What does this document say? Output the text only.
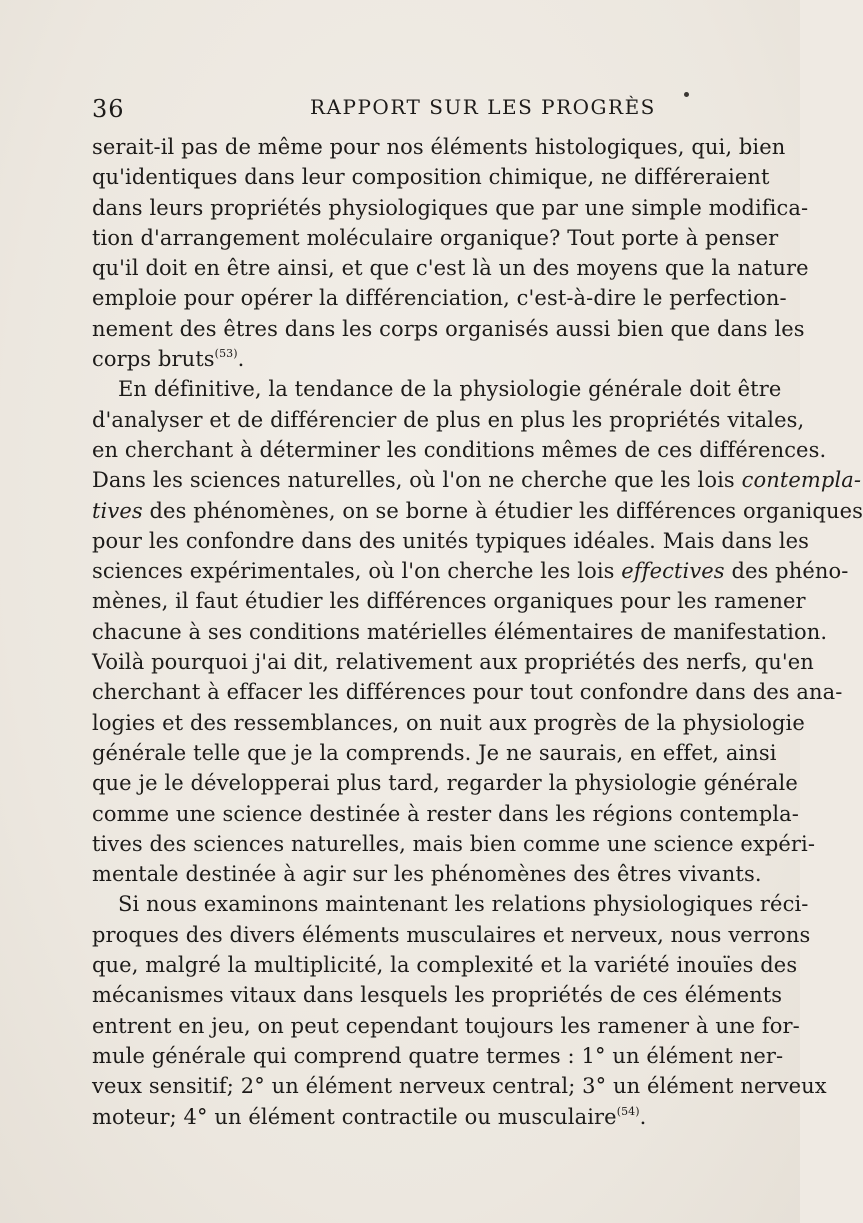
36	RAPPORT SUR LES PROGRÈS
serait-il pas de même pour nos éléments histologiques, qui, bien
qu'identiques dans leur composition chimique, ne différeraient
dans leurs propriétés physiologiques que par une simple modifica-
tion d'arrangement moléculaire organique? Tout porte à penser
qu'il doit en être ainsi, et que c'est là un des moyens que la nature
emploie pour opérer la différenciation, c'est-à-dire le perfection-
nement des êtres dans les corps organisés aussi bien que dans les
corps bruts$^{(53)}$.
En définitive, la tendance de la physiologie générale doit être
d'analyser et de différencier de plus en plus les propriétés vitales,
en cherchant à déterminer les conditions mêmes de ces différences.
Dans les sciences naturelles, où l'on ne cherche que les lois contempla-
tives des phénomènes, on se borne à étudier les différences organiques
pour les confondre dans des unités typiques idéales. Mais dans les
sciences expérimentales, où l'on cherche les lois effectives des phéno-
mènes, il faut étudier les différences organiques pour les ramener
chacune à ses conditions matérielles élémentaires de manifestation.
Voilà pourquoi j'ai dit, relativement aux propriétés des nerfs, qu'en
cherchant à effacer les différences pour tout confondre dans des ana-
logies et des ressemblances, on nuit aux progrès de la physiologie
générale telle que je la comprends. Je ne saurais, en effet, ainsi
que je le développerai plus tard, regarder la physiologie générale
comme une science destinée à rester dans les régions contempla-
tives des sciences naturelles, mais bien comme une science expéri-
mentale destinée à agir sur les phénomènes des êtres vivants.
Si nous examinons maintenant les relations physiologiques réci-
proques des divers éléments musculaires et nerveux, nous verrons
que, malgré la multiplicité, la complexité et la variété inouïes des
mécanismes vitaux dans lesquels les propriétés de ces éléments
entrent en jeu, on peut cependant toujours les ramener à une for-
mule générale qui comprend quatre termes : 1° un élément ner-
veux sensitif; 2° un élément nerveux central; 3° un élément nerveux
moteur; 4° un élément contractile ou musculaire$^{(54)}$.
